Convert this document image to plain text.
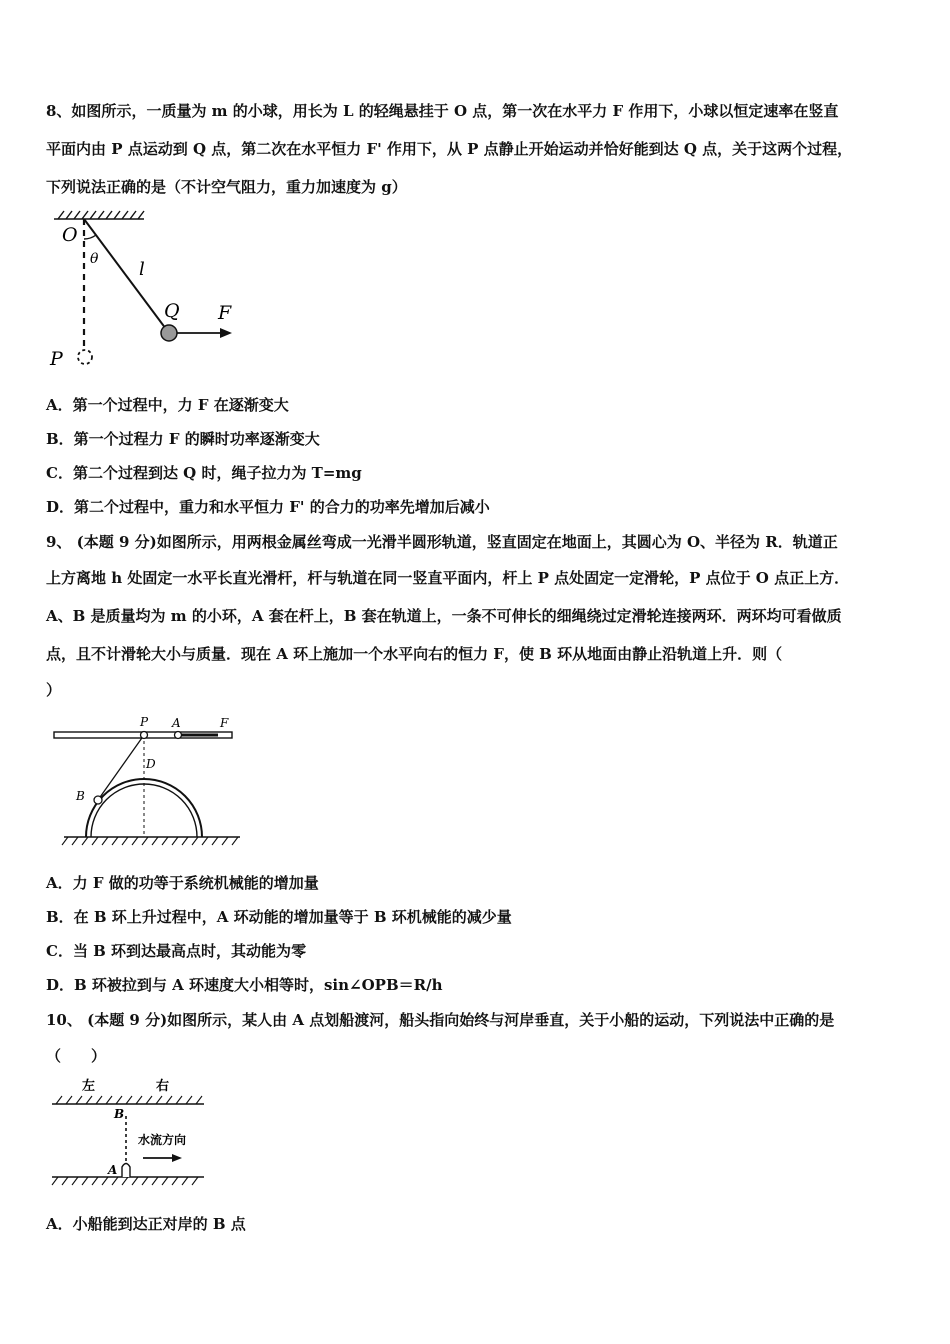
8、如图所示，一质量为 m 的小球，用长为 L 的轻绳悬挂于 O 点，第一次在水平力 F 作用下，小球以恒定速率在竖直
平面内由 P 点运动到 Q 点，第二次在水平恒力 F' 作用下，从 P 点静止开始运动并恰好能到达 Q 点，关于这两个过程，
下列说法正确的是（不计空气阻力，重力加速度为 g）
O
θ l
Q F
P
A．第一个过程中，力 F 在逐渐变大
B．第一个过程力 F 的瞬时功率逐渐变大
C．第二个过程到达 Q 时，绳子拉力为 T=mg
D．第二个过程中，重力和水平恒力 F' 的合力的功率先增加后减小
9、 (本题 9 分)如图所示，用两根金属丝弯成一光滑半圆形轨道，竖直固定在地面上，其圆心为 O、半径为 R．轨道正
上方离地 h 处固定一水平长直光滑杆，杆与轨道在同一竖直平面内，杆上 P 点处固定一定滑轮，P 点位于 O 点正上方．
A、B 是质量均为 m 的小环，A 套在杆上，B 套在轨道上，一条不可伸长的细绳绕过定滑轮连接两环．两环均可看做质
点，且不计滑轮大小与质量．现在 A 环上施加一个水平向右的恒力 F，使 B 环从地面由静止沿轨道上升．则（
）
P A	F
D
B
A．力 F 做的功等于系统机械能的增加量
B．在 B 环上升过程中，A 环动能的增加量等于 B 环机械能的减少量
C．当 B 环到达最高点时，其动能为零
D．B 环被拉到与 A 环速度大小相等时，sin∠OPB＝R/h
10、 (本题 9 分)如图所示，某人由 A 点划船渡河，船头指向始终与河岸垂直，关于小船的运动，下列说法中正确的是
（　　）
左	右
B
A
水流方向
A．小船能到达正对岸的 B 点
